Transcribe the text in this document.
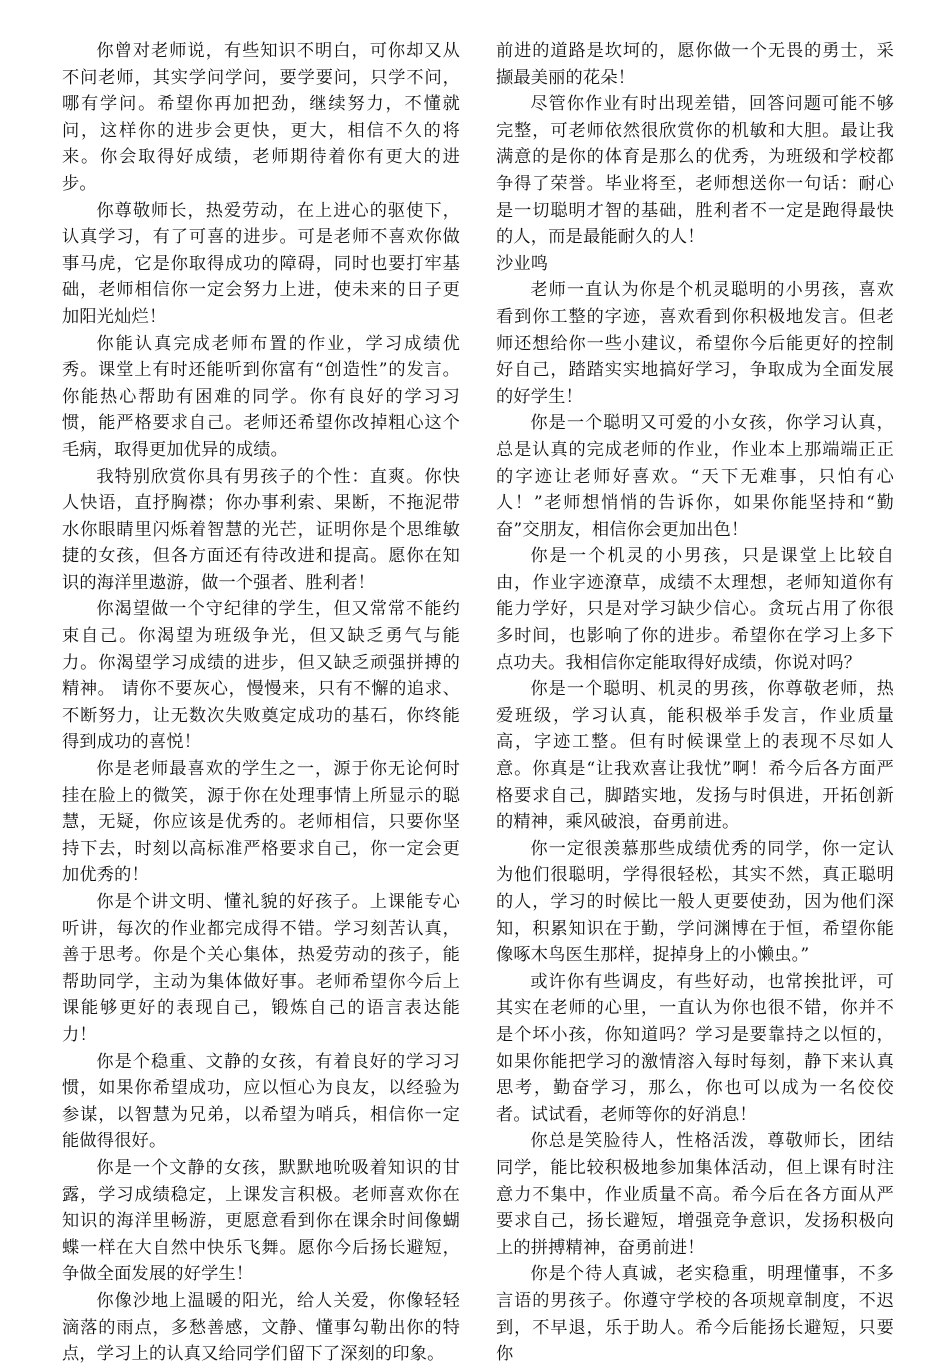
你曾对老师说，有些知识不明白，可你却又从不问老师，其实学问学问，要学要问，只学不问，哪有学问。希望你再加把劲，继续努力，不懂就问，这样你的进步会更快，更大，相信不久的将来。你会取得好成绩，老师期待着你有更大的进步。

你尊敬师长，热爱劳动，在上进心的驱使下，认真学习，有了可喜的进步。可是老师不喜欢你做事马虎，它是你取得成功的障碍，同时也要打牢基础，老师相信你一定会努力上进，使未来的日子更加阳光灿烂！

你能认真完成老师布置的作业，学习成绩优秀。课堂上有时还能听到你富有“创造性”的发言。你能热心帮助有困难的同学。你有良好的学习习惯，能严格要求自己。老师还希望你改掉粗心这个毛病，取得更加优异的成绩。

我特别欣赏你具有男孩子的个性：直爽。你快人快语，直抒胸襟；你办事利索、果断，不拖泥带水你眼睛里闪烁着智慧的光芒，证明你是个思维敏捷的女孩，但各方面还有待改进和提高。愿你在知识的海洋里遨游，做一个强者、胜利者！

你渴望做一个守纪律的学生，但又常常不能约束自己。你渴望为班级争光，但又缺乏勇气与能力。你渴望学习成绩的进步，但又缺乏顽强拼搏的精神。 请你不要灰心，慢慢来，只有不懈的追求、不断努力，让无数次失败奠定成功的基石，你终能得到成功的喜悦！

你是老师最喜欢的学生之一，源于你无论何时挂在脸上的微笑，源于你在处理事情上所显示的聪慧，无疑，你应该是优秀的。老师相信，只要你坚持下去，时刻以高标准严格要求自己，你一定会更加优秀的！

你是个讲文明、懂礼貌的好孩子。上课能专心听讲，每次的作业都完成得不错。学习刻苦认真，善于思考。你是个关心集体，热爱劳动的孩子，能帮助同学，主动为集体做好事。老师希望你今后上课能够更好的表现自己，锻炼自己的语言表达能力！

你是个稳重、文静的女孩，有着良好的学习习惯，如果你希望成功，应以恒心为良友，以经验为参谋，以智慧为兄弟，以希望为哨兵，相信你一定能做得很好。

你是一个文静的女孩，默默地吮吸着知识的甘露，学习成绩稳定，上课发言积极。老师喜欢你在知识的海洋里畅游，更愿意看到你在课余时间像蝴蝶一样在大自然中快乐飞舞。愿你今后扬长避短，争做全面发展的好学生！

你像沙地上温暖的阳光，给人关爱，你像轻轻滴落的雨点，多愁善感，文静、懂事勾勒出你的特点，学习上的认真又给同学们留下了深刻的印象。

前进的道路是坎坷的，愿你做一个无畏的勇士，采撷最美丽的花朵！

尽管你作业有时出现差错，回答问题可能不够完整，可老师依然很欣赏你的机敏和大胆。最让我满意的是你的体育是那么的优秀，为班级和学校都争得了荣誉。毕业将至，老师想送你一句话：耐心是一切聪明才智的基础，胜利者不一定是跑得最快的人，而是最能耐久的人！

沙业鸣

老师一直认为你是个机灵聪明的小男孩，喜欢看到你工整的字迹，喜欢看到你积极地发言。但老师还想给你一些小建议，希望你今后能更好的控制好自己，踏踏实实地搞好学习，争取成为全面发展的好学生！

你是一个聪明又可爱的小女孩，你学习认真，总是认真的完成老师的作业，作业本上那端端正正的字迹让老师好喜欢。“天下无难事，只怕有心人！”老师想悄悄的告诉你，如果你能坚持和“勤奋”交朋友，相信你会更加出色！

你是一个机灵的小男孩，只是课堂上比较自由，作业字迹潦草，成绩不太理想，老师知道你有能力学好，只是对学习缺少信心。贪玩占用了你很多时间，也影响了你的进步。希望你在学习上多下点功夫。我相信你定能取得好成绩，你说对吗？

你是一个聪明、机灵的男孩，你尊敬老师，热爱班级，学习认真，能积极举手发言，作业质量高，字迹工整。但有时候课堂上的表现不尽如人意。你真是“让我欢喜让我忧”啊！希今后各方面严格要求自己，脚踏实地，发扬与时俱进，开拓创新的精神，乘风破浪，奋勇前进。

你一定很羡慕那些成绩优秀的同学，你一定认为他们很聪明，学得很轻松，其实不然，真正聪明的人，学习的时候比一般人更要使劲，因为他们深知，积累知识在于勤，学问渊博在于恒，希望你能像啄木鸟医生那样，捉掉身上的小懒虫。”

或许你有些调皮，有些好动，也常挨批评，可其实在老师的心里，一直认为你也很不错，你并不是个坏小孩，你知道吗？学习是要靠持之以恒的，如果你能把学习的激情溶入每时每刻，静下来认真思考，勤奋学习，那么，你也可以成为一名佼佼者。试试看，老师等你的好消息！

你总是笑脸待人，性格活泼，尊敬师长，团结同学，能比较积极地参加集体活动，但上课有时注意力不集中，作业质量不高。希今后在各方面从严要求自己，扬长避短，增强竞争意识，发扬积极向上的拼搏精神，奋勇前进！

你是个待人真诚，老实稳重，明理懂事，不多言语的男孩子。你遵守学校的各项规章制度，不迟到，不早退，乐于助人。希今后能扬长避短，只要你
